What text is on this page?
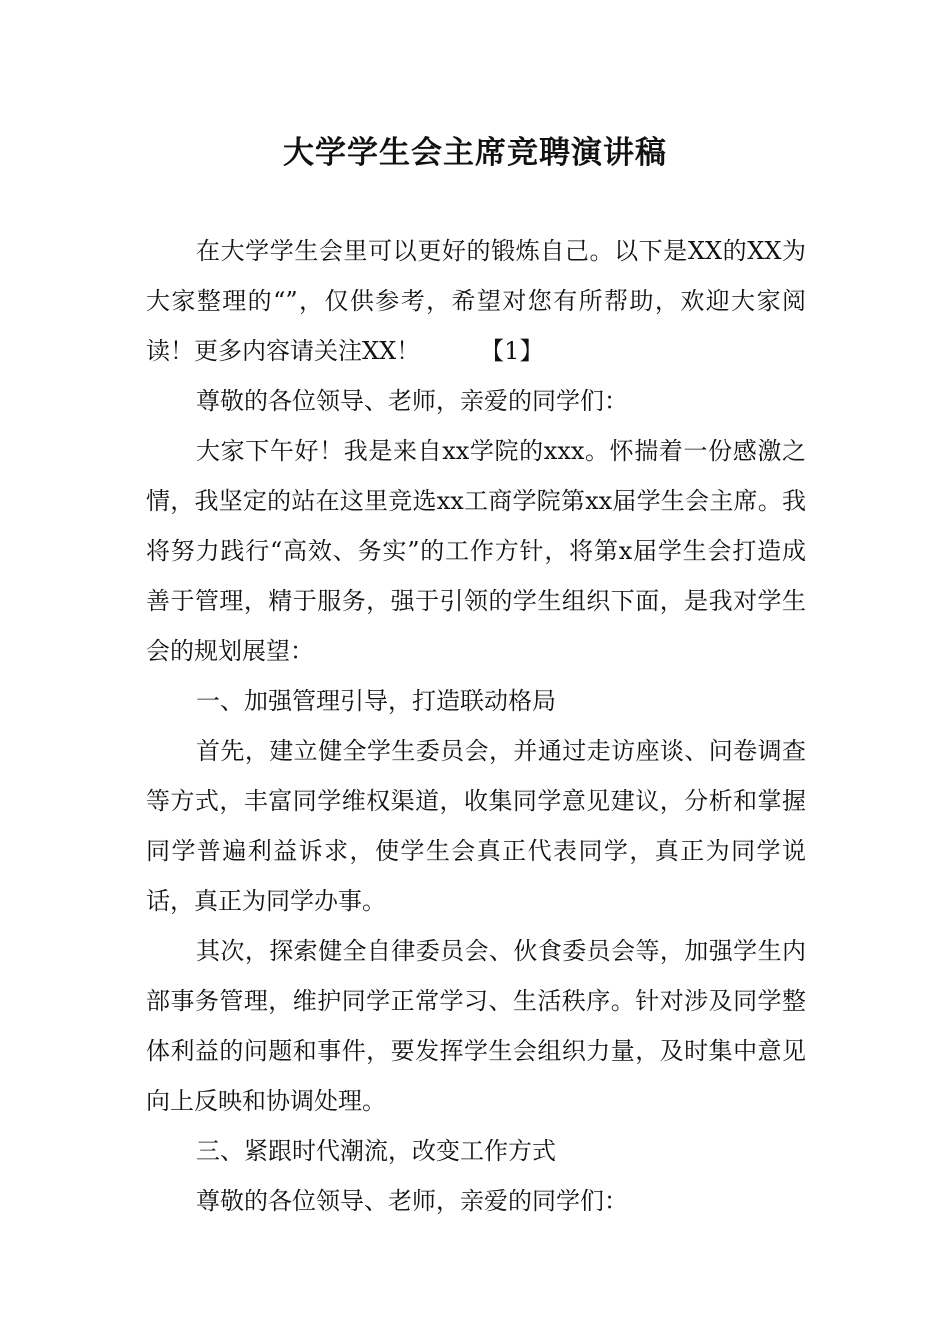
大学学生会主席竞聘演讲稿

在大学学生会里可以更好的锻炼自己。以下是XX的XX为大家整理的“”，仅供参考，希望对您有所帮助，欢迎大家阅读！更多内容请关注XX！　　　【1】

尊敬的各位领导、老师，亲爱的同学们：

大家下午好！我是来自xx学院的xxx。怀揣着一份感激之情，我坚定的站在这里竞选xx工商学院第xx届学生会主席。我将努力践行“高效、务实”的工作方针，将第x届学生会打造成善于管理，精于服务，强于引领的学生组织下面，是我对学生会的规划展望：

一、加强管理引导，打造联动格局

首先，建立健全学生委员会，并通过走访座谈、问卷调查等方式，丰富同学维权渠道，收集同学意见建议，分析和掌握同学普遍利益诉求，使学生会真正代表同学，真正为同学说话，真正为同学办事。

其次，探索健全自律委员会、伙食委员会等，加强学生内部事务管理，维护同学正常学习、生活秩序。针对涉及同学整体利益的问题和事件，要发挥学生会组织力量，及时集中意见向上反映和协调处理。

三、紧跟时代潮流，改变工作方式

尊敬的各位领导、老师，亲爱的同学们：
